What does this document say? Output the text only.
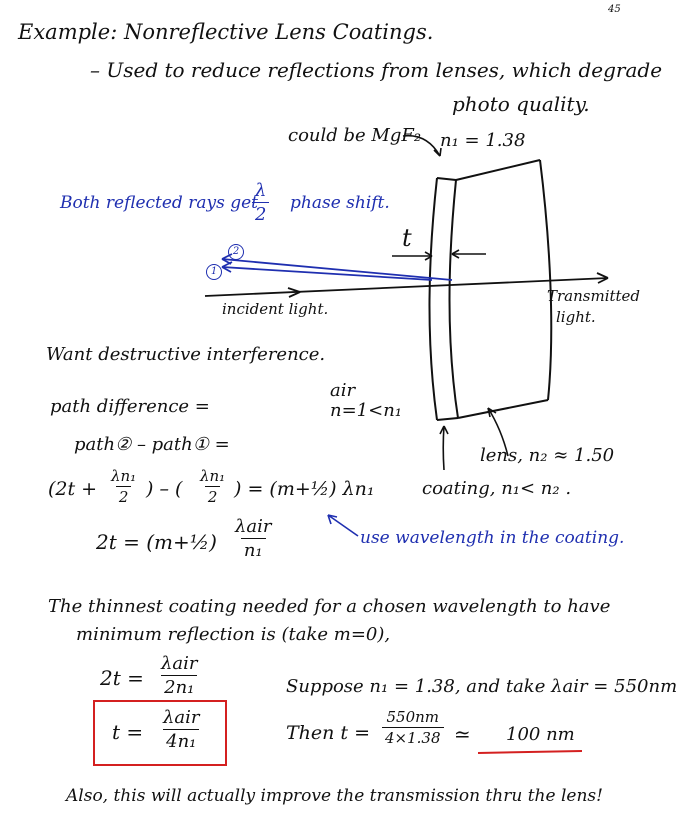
45
Example: Nonreflective Lens Coatings.
– Used to reduce reflections from lenses, which degrade
photo quality.
could be MgF₂ n₁ = 1.38
Both reflected rays get
$\frac{\lambda}{2}$ phase shift.
t
2
1
incident light.
Transmitted
light.
Want destructive interference.
air
n=1<n₁
path difference =
path② – path① =
lens, n₂ ≈ 1.50
($2t + \frac{\text{λn₁}}{2}$ ) – ( $\frac{\text{λn₁}}{2}$ ) = (m+½) λn₁	coating, n₁< n₂ .
2t = (m+½)
λair
n₁
use wavelength in the coating.
The thinnest coating needed for a chosen wavelength to have
minimum reflection is (take m=0),
2t =
λair
2n₁	Suppose n₁ = 1.38, and take λair = 550nm
t =
λair
4n₁	Then $t = \frac{550nm}{4\times 1.38}$ ≃ 100 nm
Also, this will actually improve the transmission thru the lens!
